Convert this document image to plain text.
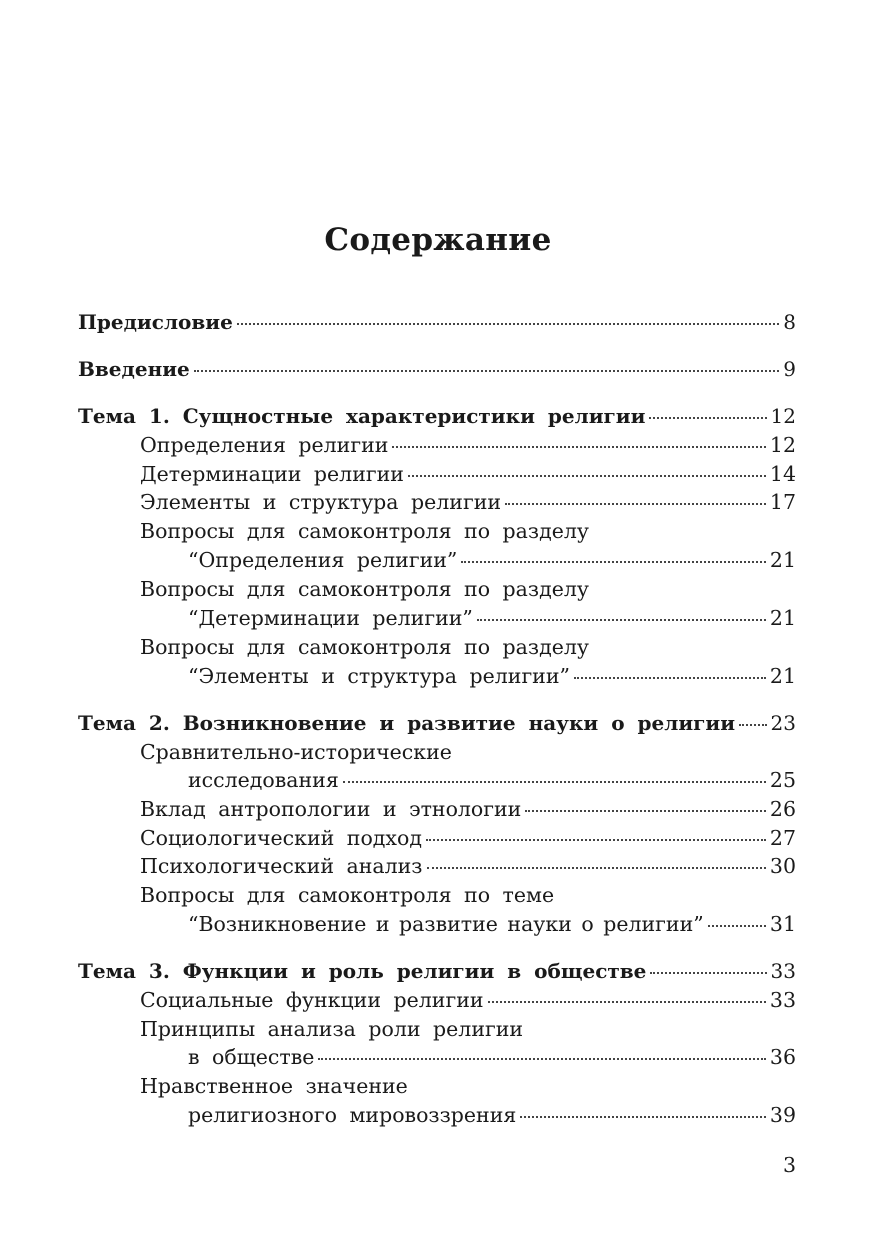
Содержание
Предисловие	8
Введение	9
Тема 1. Сущностные характеристики религии	12
Определения религии	12
Детерминации религии	14
Элементы и структура религии	17
Вопросы для самоконтроля по разделу
“Определения религии”	21
Вопросы для самоконтроля по разделу
“Детерминации религии”	21
Вопросы для самоконтроля по разделу
“Элементы и структура религии”	21
Тема 2. Возникновение и развитие науки о религии 23
Сравнительно-исторические
исследования	25
Вклад антропологии и этнологии	26
Социологический подход	27
Психологический анализ	30
Вопросы для самоконтроля по теме
“Возникновение и развитие науки о религии”	31
Тема 3. Функции и роль религии в обществе	33
Социальные функции религии	33
Принципы анализа роли религии
в обществе	36
Нравственное значение
религиозного мировоззрения	39
3
